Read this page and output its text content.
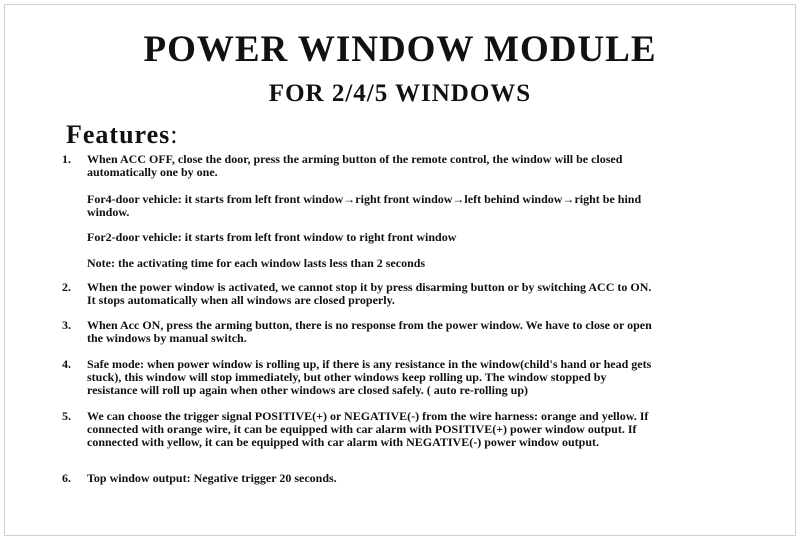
POWER WINDOW MODULE
FOR 2/4/5 WINDOWS
Features:
1. When ACC OFF, close the door, press the arming button of the remote control, the window will be closed

automatically one by one.

For4-door vehicle: it starts from left front window→right front window→left behind window→right be hind
window.
For2-door vehicle: it starts from left front window to right front window
Note: the activating time for each window lasts less than 2 seconds
2. When the power window is activated, we cannot stop it by press disarming button or by switching ACC to ON.

It stops automatically when all windows are closed properly.

3. When Acc ON, press the arming button, there is no response from the power window. We have to close or open

the windows by manual switch.

4. Safe mode: when power window is rolling up, if there is any resistance in the window(child's hand or head gets

stuck), this window will stop immediately, but other windows keep rolling up. The window stopped by

resistance will roll up again when other windows are closed safely. ( auto re-rolling up)

5. We can choose the trigger signal POSITIVE(+) or NEGATIVE(-) from the wire harness: orange and yellow. If

connected with orange wire, it can be equipped with car alarm with POSITIVE(+) power window output. If

connected with yellow, it can be equipped with car alarm with NEGATIVE(-) power window output.

6. Top window output: Negative trigger 20 seconds.
